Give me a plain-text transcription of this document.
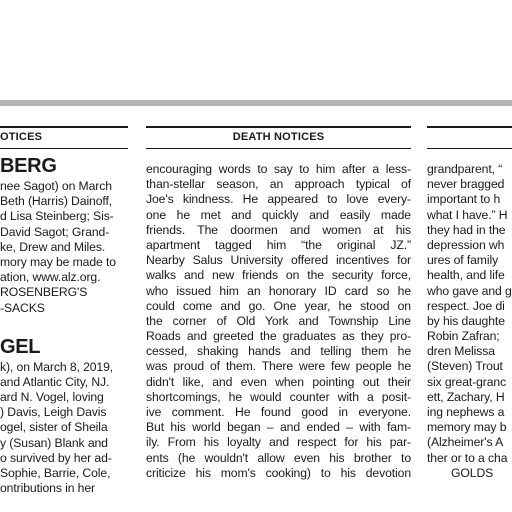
OTICES
BERG
nee Sagot) on March
Beth (Harris) Dainoff,
d Lisa Steinberg; Sis-
David Sagot; Grand-
ke, Drew and Miles.
mory may be made to
ation, www.alz.org.
ROSENBERG'S
-SACKS
GEL
k), on March 8, 2019,
and Atlantic City, NJ.
ard N. Vogel, loving
) Davis, Leigh Davis
ogel, sister of Sheila
y (Susan) Blank and
o survived by her ad-
Sophie, Barrie, Cole,
ontributions in her
DEATH NOTICES
encouraging words to say to him after a less-
than-stellar season, an approach typical of
Joe's kindness. He appeared to love every-
one he met and quickly and easily made
friends. The doormen and women at his
apartment tagged him “the original JZ.”
Nearby Salus University offered incentives for
walks and new friends on the security force,
who issued him an honorary ID card so he
could come and go. One year, he stood on
the corner of Old York and Township Line
Roads and greeted the graduates as they pro-
cessed, shaking hands and telling them he
was proud of them. There were few people he
didn't like, and even when pointing out their
shortcomings, he would counter with a posit-
ive comment. He found good in everyone.
But his world began – and ended – with fam-
ily. From his loyalty and respect for his par-
ents (he wouldn't allow even his brother to
criticize his mom's cooking) to his devotion
grandparent, “
never bragged
important to h
what I have.” H
they had in the
depression wh
ures of family
health, and life
who gave and g
respect. Joe di
by his daughte
Robin Zafran;
dren Melissa
(Steven) Trout
six great-granc
ett, Zachary, H
ing nephews a
memory may b
(Alzheimer's A
ther or to a cha
GOLDS
